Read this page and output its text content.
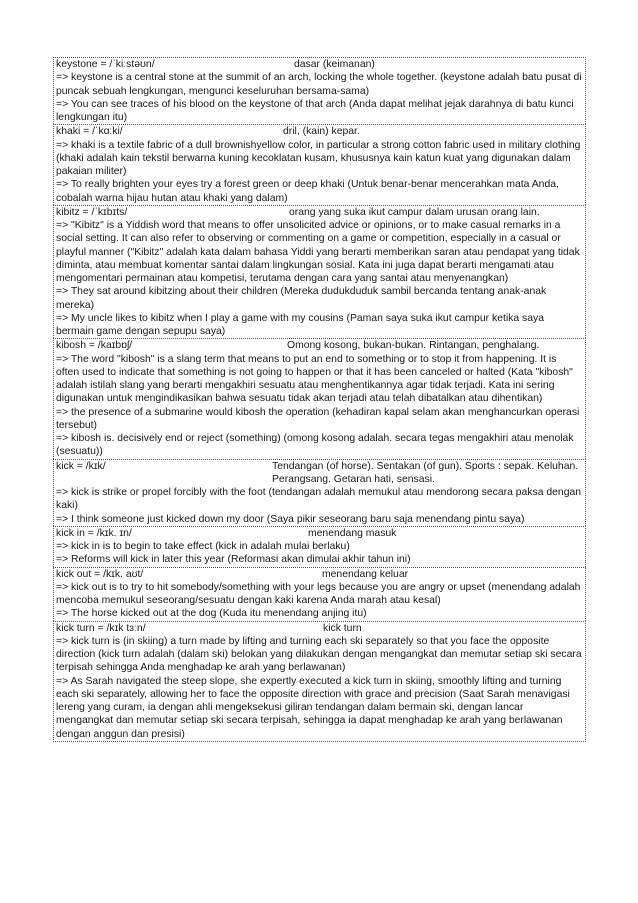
keystone = /ˈkiːstəʊn/	dasar (keimanan)
=> keystone is a central stone at the summit of an arch, locking the whole together. (keystone adalah batu pusat di puncak sebuah lengkungan, mengunci keseluruhan bersama-sama)
=> You can see traces of his blood on the keystone of that arch (Anda dapat melihat jejak darahnya di batu kunci lengkungan itu)
khaki = /ˈkɑːki/	dril, (kain) kepar.
=> khaki is a textile fabric of a dull brownishyellow color, in particular a strong cotton fabric used in military clothing (khaki adalah kain tekstil berwarna kuning kecoklatan kusam, khususnya kain katun kuat yang digunakan dalam pakaian militer)
=> To really brighten your eyes try a forest green or deep khaki (Untuk benar-benar mencerahkan mata Anda, cobalah warna hijau hutan atau khaki yang dalam)
kibitz = /ˈkɪbɪts/	orang yang suka ikut campur dalam urusan orang lain.
=> "Kibitz" is a Yiddish word that means to offer unsolicited advice or opinions, or to make casual remarks in a social setting. It can also refer to observing or commenting on a game or competition, especially in a casual or playful manner ("Kibitz" adalah kata dalam bahasa Yiddi yang berarti memberikan saran atau pendapat yang tidak diminta, atau membuat komentar santai dalam lingkungan sosial. Kata ini juga dapat berarti mengamati atau mengomentari permainan atau kompetisi, terutama dengan cara yang santai atau menyenangkan)
=> They sat around kibitzing about their children (Mereka dudukduduk sambil bercanda tentang anak-anak mereka)
=> My uncle likes to kibitz when I play a game with my cousins (Paman saya suka ikut campur ketika saya bermain game dengan sepupu saya)
kibosh = /kaɪbɒʃ/	Omong kosong, bukan-bukan. Rintangan, penghalang.
=> The word "kibosh" is a slang term that means to put an end to something or to stop it from happening. It is often used to indicate that something is not going to happen or that it has been canceled or halted (Kata "kibosh" adalah istilah slang yang berarti mengakhiri sesuatu atau menghentikannya agar tidak terjadi. Kata ini sering digunakan untuk mengindikasikan bahwa sesuatu tidak akan terjadi atau telah dibatalkan atau dihentikan)
=> the presence of a submarine would kibosh the operation (kehadiran kapal selam akan menghancurkan operasi tersebut)
=> kibosh is. decisively end or reject (something) (omong kosong adalah. secara tegas mengakhiri atau menolak (sesuatu))
kick = /kɪk/	Tendangan (of horse). Sentakan (of gun). Sports : sepak. Keluhan. Perangsang. Getaran hati, sensasi.
=> kick is strike or propel forcibly with the foot (tendangan adalah memukul atau mendorong secara paksa dengan kaki)
=> I think someone just kicked down my door (Saya pikir seseorang baru saja menendang pintu saya)
kick in = /kɪk. ɪn/	menendang masuk
=> kick in is to begin to take effect (kick in adalah mulai berlaku)
=> Reforms will kick in later this year (Reformasi akan dimulai akhir tahun ini)
kick out = /kɪk. aʊt/	menendang keluar
=> kick out is to try to hit somebody/something with your legs because you are angry or upset (menendang adalah mencoba memukul seseorang/sesuatu dengan kaki karena Anda marah atau kesal)
=> The horse kicked out at the dog (Kuda itu menendang anjing itu)
kick turn = /kɪk tɜːn/	kick turn
=> kick turn is (in skiing) a turn made by lifting and turning each ski separately so that you face the opposite direction (kick turn adalah (dalam ski) belokan yang dilakukan dengan mengangkat dan memutar setiap ski secara terpisah sehingga Anda menghadap ke arah yang berlawanan)
=> As Sarah navigated the steep slope, she expertly executed a kick turn in skiing, smoothly lifting and turning each ski separately, allowing her to face the opposite direction with grace and precision (Saat Sarah menavigasi lereng yang curam, ia dengan ahli mengeksekusi giliran tendangan dalam bermain ski, dengan lancar mengangkat dan memutar setiap ski secara terpisah, sehingga ia dapat menghadap ke arah yang berlawanan dengan anggun dan presisi)
